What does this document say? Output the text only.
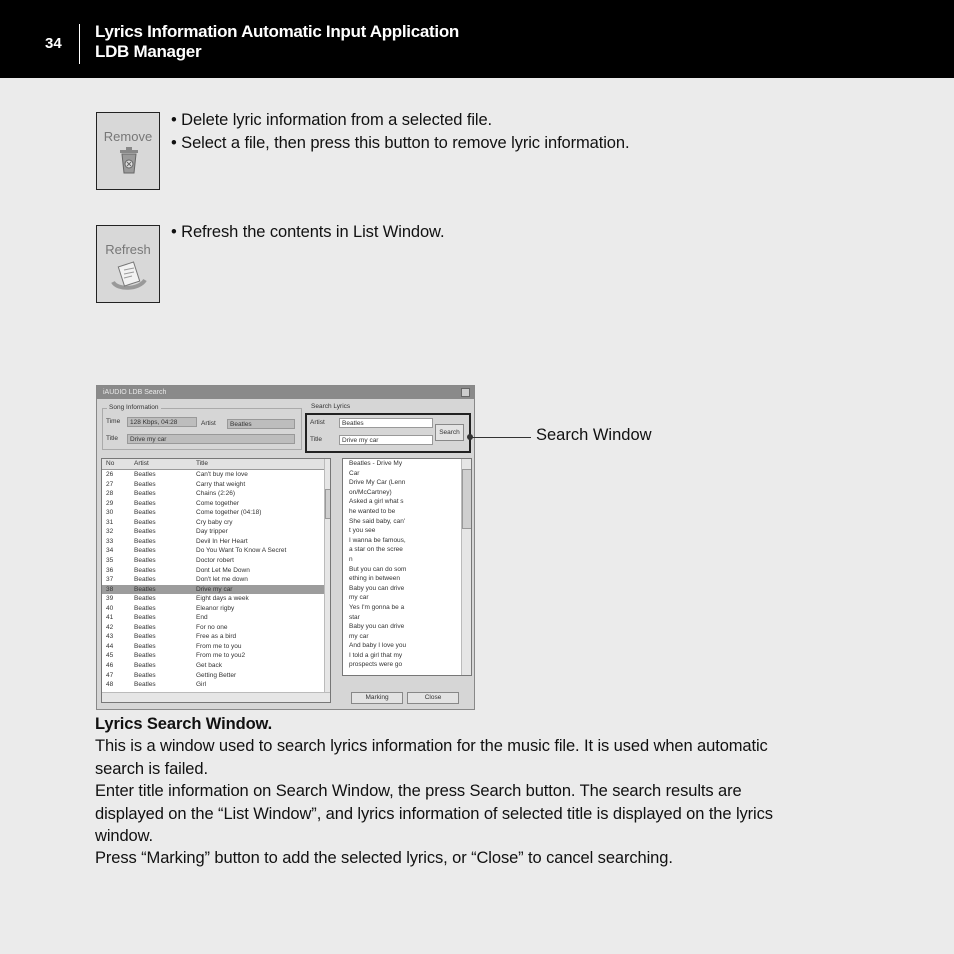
34
Lyrics Information Automatic Input Application
LDB Manager
Remove
• Delete lyric information from a selected file.
• Select a file, then press this button to remove lyric information.
Refresh
• Refresh the contents in List Window.
iAUDIO LDB Search
Song Information
Time	128 Kbps, 04:28	Artist	Beatles
Title	Drive my car
Search Lyrics
Artist	Beatles
Title	Drive my car
Search
No	Artist	Title
26	Beatles	Can't buy me love
27	Beatles	Carry that weight
28	Beatles	Chains (2:26)
29	Beatles	Come together
30	Beatles	Come together (04:18)
31	Beatles	Cry baby cry
32	Beatles	Day tripper
33	Beatles	Devil In Her Heart
34	Beatles	Do You Want To Know A Secret
35	Beatles	Doctor robert
36	Beatles	Dont Let Me Down
37	Beatles	Don't let me down
38	Beatles	Drive my car
39	Beatles	Eight days a week
40	Beatles	Eleanor rigby
41	Beatles	End
42	Beatles	For no one
43	Beatles	Free as a bird
44	Beatles	From me to you
45	Beatles	From me to you2
46	Beatles	Get back
47	Beatles	Getting Better
48	Beatles	Girl
Beatles - Drive My
Car
Drive My Car (Lenn
on/McCartney)
Asked a girl what s
he wanted to be
She said baby, can'
t you see
I wanna be famous,
a star on the scree
n
But you can do som
ething in between
Baby you can drive
my car
Yes I'm gonna be a
star
Baby you can drive
my car
And baby I love you
I told a girl that my
prospects were go
Marking	Close
Search Window
Lyrics Search Window.
This is a window used to search lyrics information for the music file. It is used when automatic
search is failed.
Enter title information on Search Window, the press Search button. The search results are
displayed on the “List Window”, and lyrics information of selected title is displayed on the lyrics
window.
Press “Marking” button to add the selected lyrics, or “Close” to cancel searching.
